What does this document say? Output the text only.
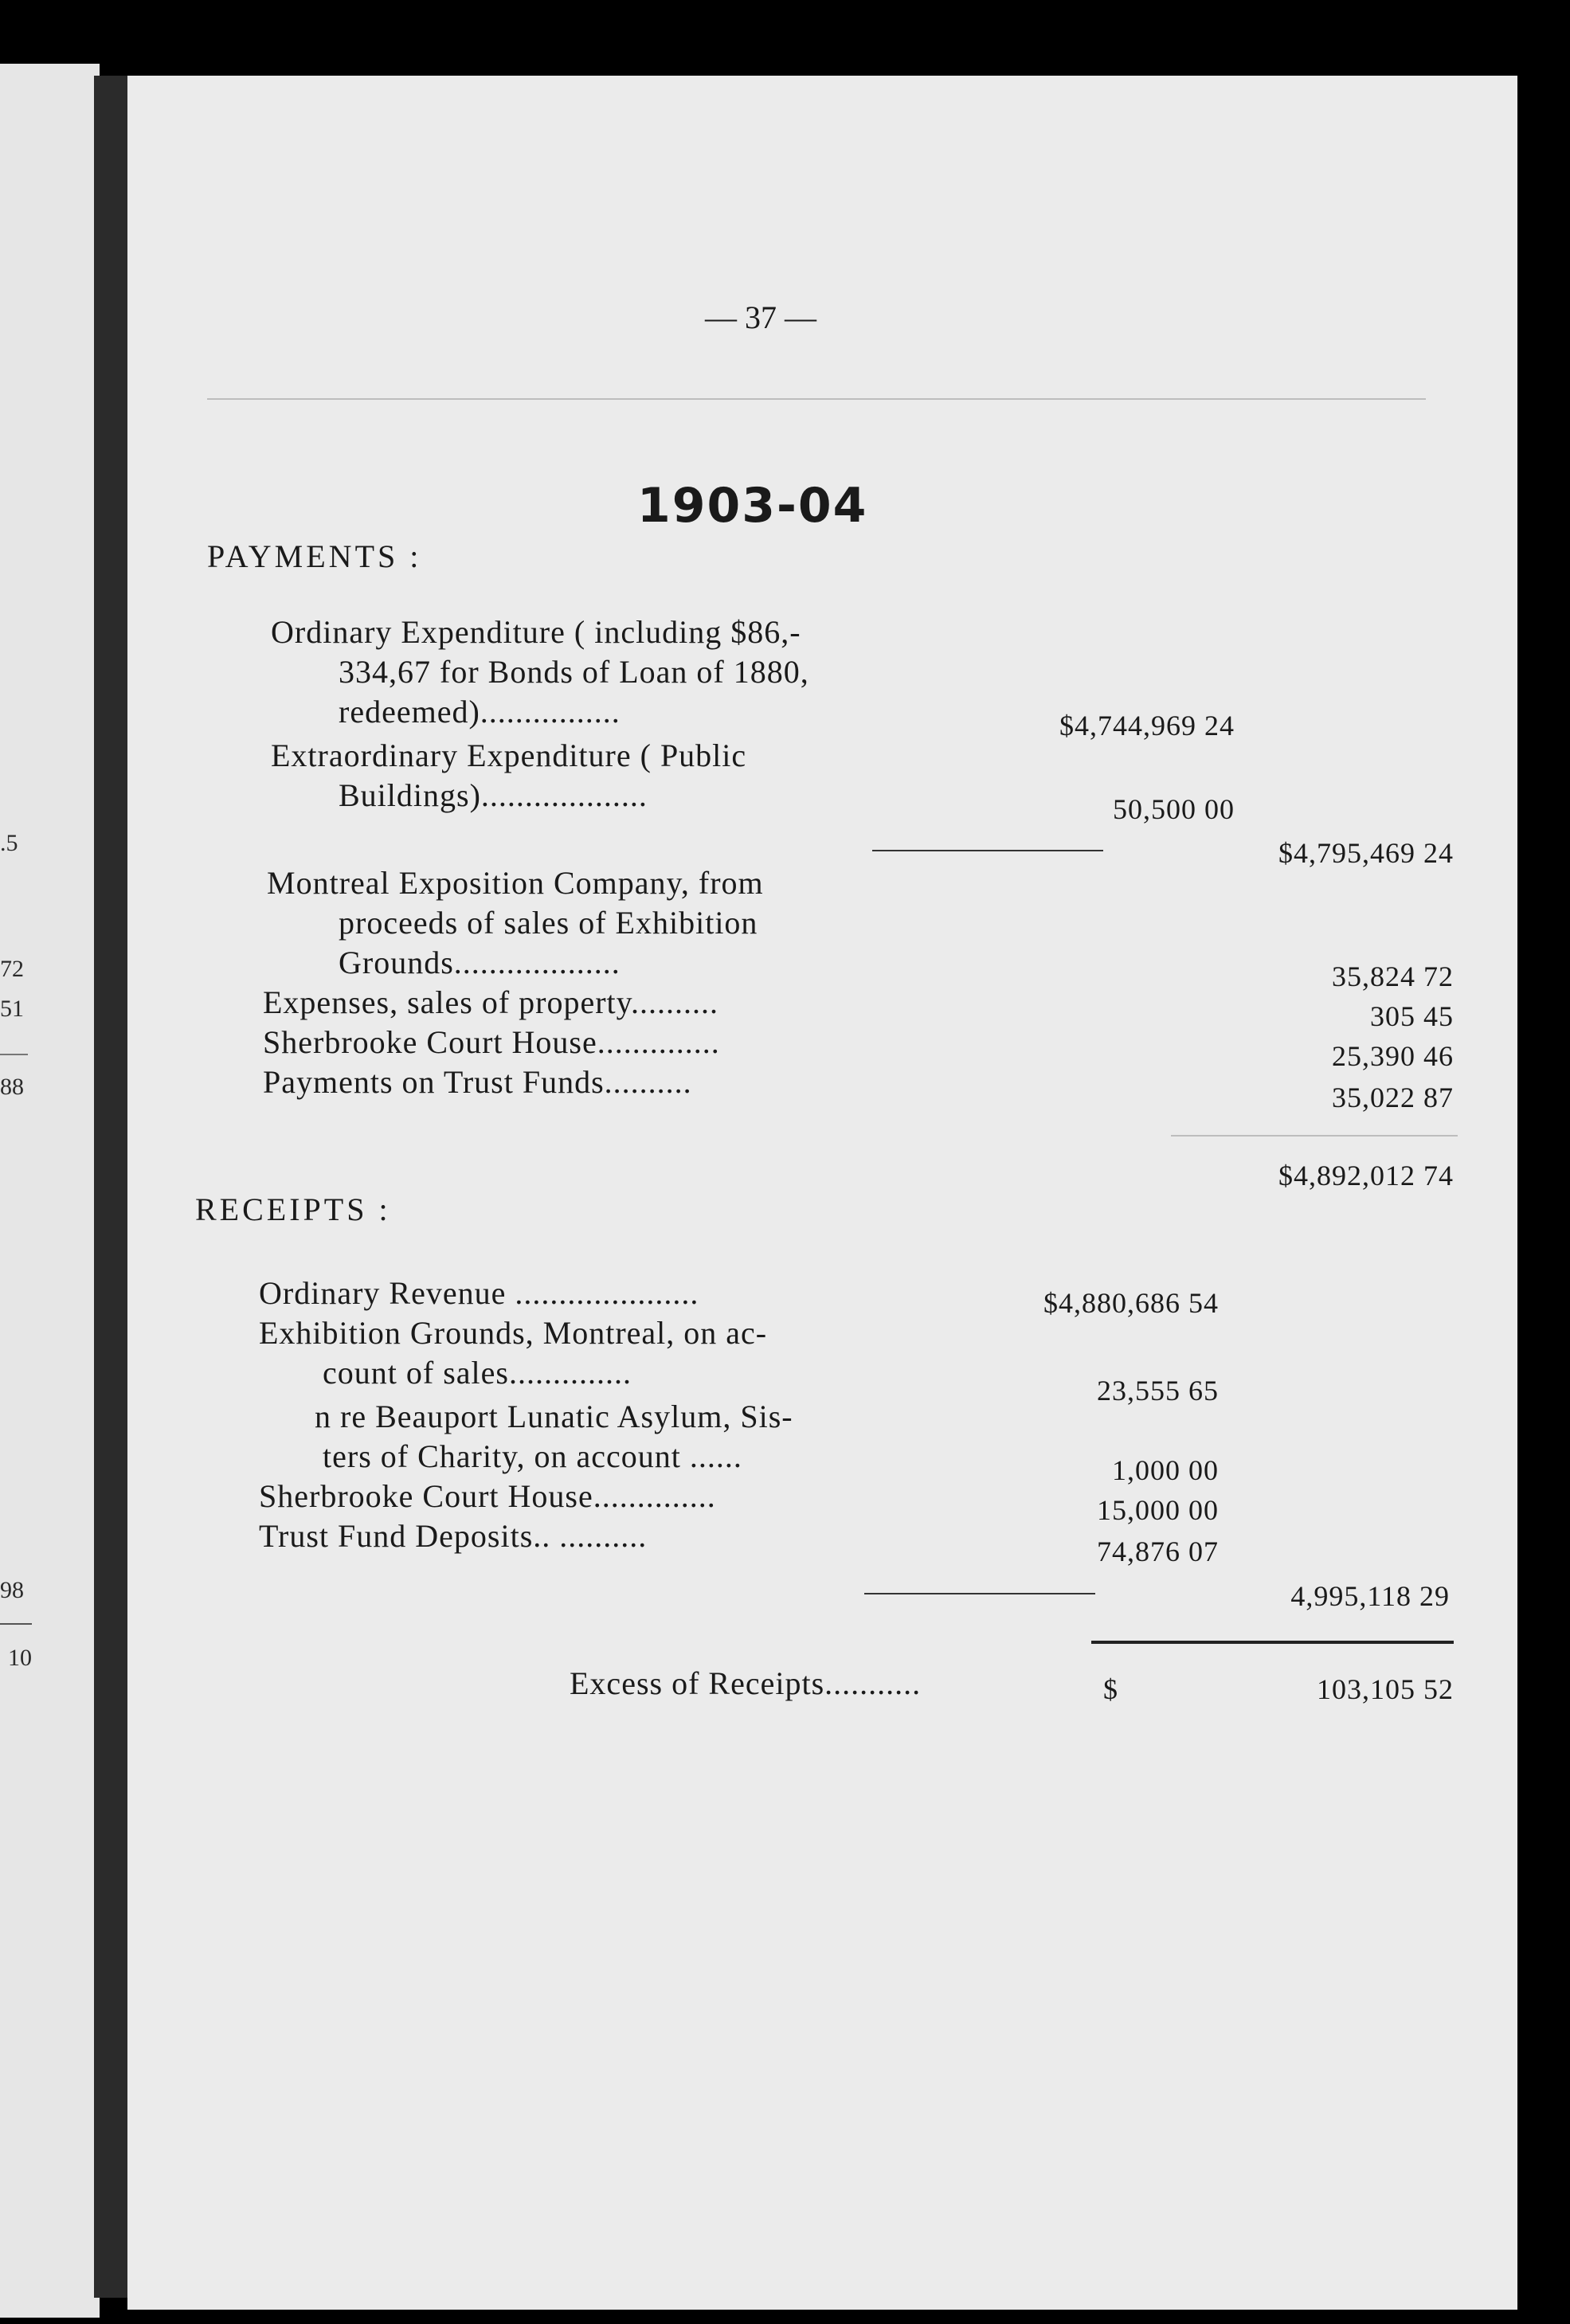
.5
72
51
88
98
10
— 37 —
1903-04
PAYMENTS :
Ordinary Expenditure ( including $86,-
334,67 for Bonds of Loan of 1880,
redeemed)................	$4,744,969 24
Extraordinary Expenditure ( Public
Buildings)...................	50,500 00
$4,795,469 24
Montreal Exposition Company, from
proceeds of sales of Exhibition
Grounds...................	35,824 72
Expenses, sales of property..........	305 45
Sherbrooke Court House..............	25,390 46
Payments on Trust Funds..........	35,022 87
$4,892,012 74
RECEIPTS :
Ordinary Revenue .....................	$4,880,686 54
Exhibition Grounds, Montreal, on ac-
count of sales..............	23,555 65
n re Beauport Lunatic Asylum, Sis-
ters of Charity, on account ......	1,000 00
Sherbrooke Court House..............	15,000 00
Trust Fund Deposits.. ..........	74,876 07
4,995,118 29
Excess of Receipts...........	$	103,105 52
